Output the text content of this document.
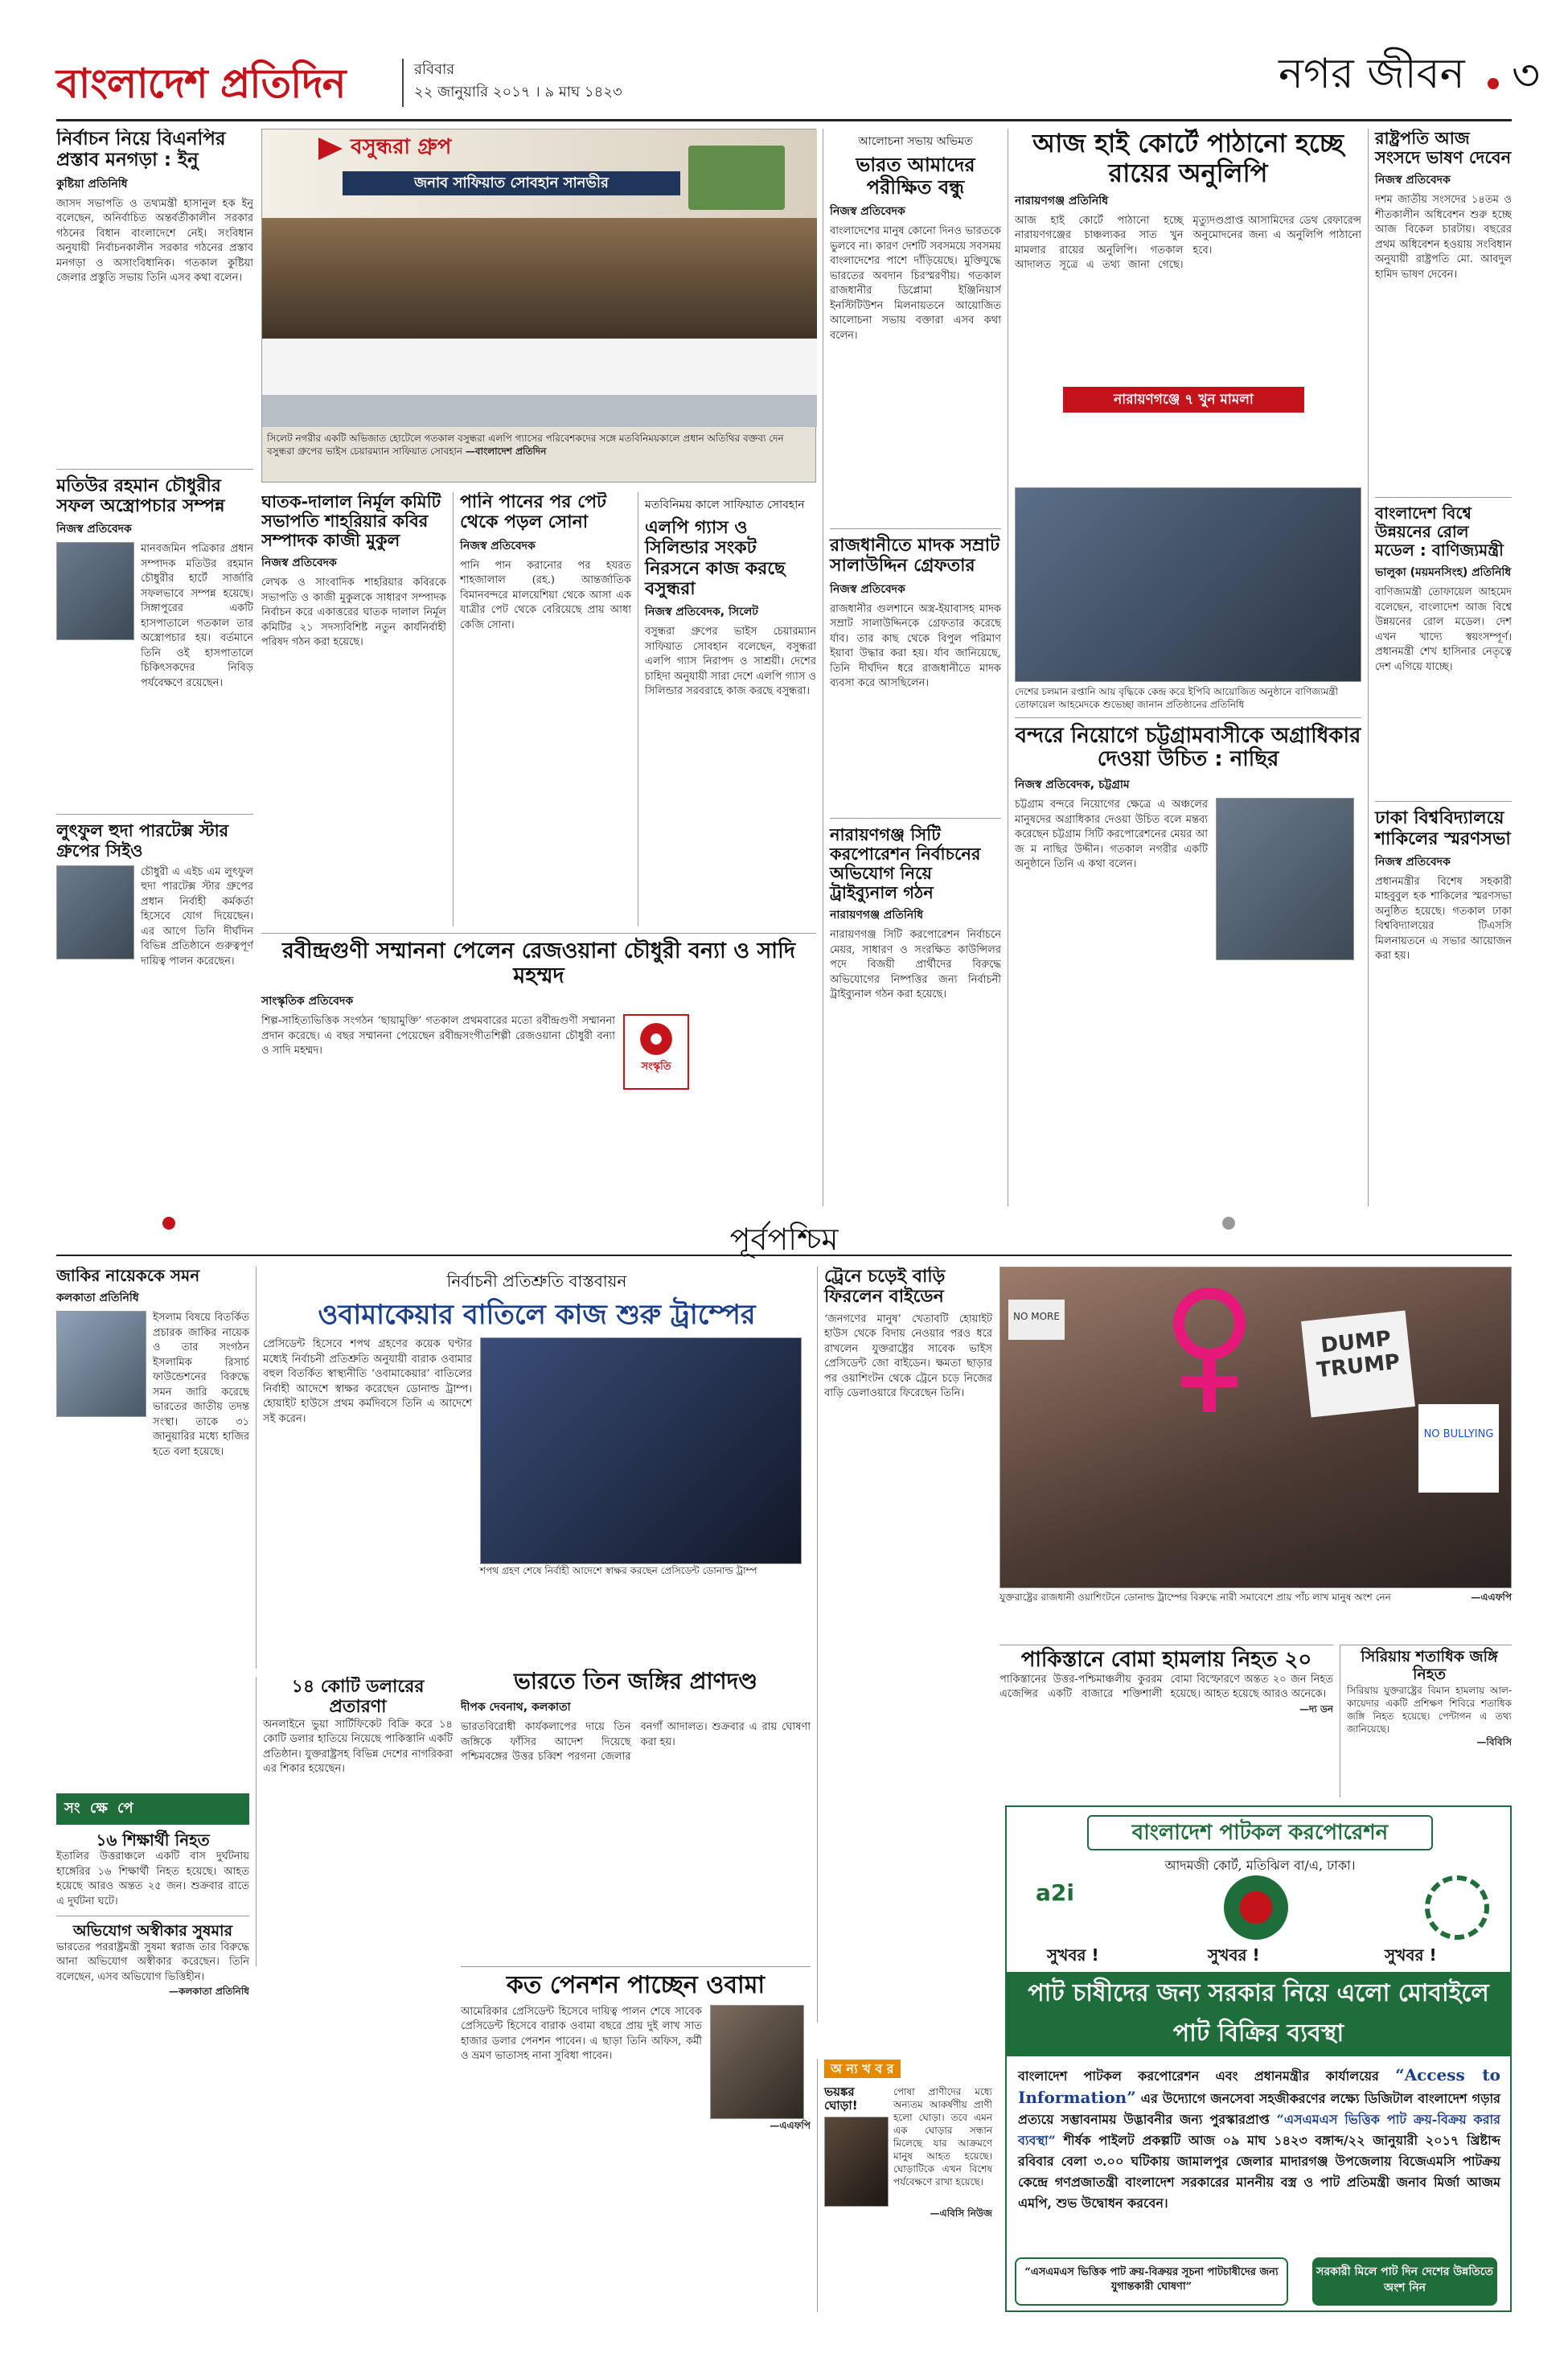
বাংলাদেশ প্রতিদিন	রবিবার
২২ জানুয়ারি ২০১৭ । ৯ মাঘ ১৪২৩	নগর জীবন ৩
নির্বাচন নিয়ে বিএনপির প্রস্তাব মনগড়া : ইনু
কুষ্টিয়া প্রতিনিধি
জাসদ সভাপতি ও তথ্যমন্ত্রী হাসানুল হক ইনু বলেছেন, অনির্বাচিত অন্তর্বর্তীকালীন সরকার গঠনের বিধান বাংলাদেশে নেই। সংবিধান অনুযায়ী নির্বাচনকালীন সরকার গঠনের প্রস্তাব মনগড়া ও অসাংবিধানিক। গতকাল কুষ্টিয়া জেলার প্রস্তুতি সভায় তিনি এসব কথা বলেন।
মতিউর রহমান চৌধুরীর সফল অস্ত্রোপচার সম্পন্ন
নিজস্ব প্রতিবেদক
মানবজমিন পত্রিকার প্রধান সম্পাদক মতিউর রহমান চৌধুরীর হার্টে সার্জারি সফলভাবে সম্পন্ন হয়েছে। সিঙ্গাপুরের একটি হাসপাতালে গতকাল তার অস্ত্রোপচার হয়। বর্তমানে তিনি ওই হাসপাতালে চিকিৎসকদের নিবিড় পর্যবেক্ষণে রয়েছেন।
লুৎফুল হুদা পারটেক্স স্টার গ্রুপের সিইও
চৌধুরী এ এইচ এম লুৎফুল হুদা পারটেক্স স্টার গ্রুপের প্রধান নির্বাহী কর্মকর্তা হিসেবে যোগ দিয়েছেন। এর আগে তিনি দীর্ঘদিন বিভিন্ন প্রতিষ্ঠানে গুরুত্বপূর্ণ দায়িত্ব পালন করেছেন।
বসুন্ধরা গ্রুপ
জনাব সাফিয়াত সোবহান সানভীর
সিলেট নগরীর একটি অভিজাত হোটেলে গতকাল বসুন্ধরা এলপি গ্যাসের পরিবেশকদের সঙ্গে মতবিনিময়কালে প্রধান অতিথির বক্তব্য দেন বসুন্ধরা গ্রুপের ভাইস চেয়ারম্যান সাফিয়াত সোবহান —বাংলাদেশ প্রতিদিন
ঘাতক-দালাল নির্মূল কমিটি সভাপতি শাহরিয়ার কবির সম্পাদক কাজী মুকুল
নিজস্ব প্রতিবেদক
লেখক ও সাংবাদিক শাহরিয়ার কবিরকে সভাপতি ও কাজী মুকুলকে সাধারণ সম্পাদক নির্বাচন করে একাত্তরের ঘাতক দালাল নির্মূল কমিটির ২১ সদস্যবিশিষ্ট নতুন কার্যনির্বাহী পরিষদ গঠন করা হয়েছে।
পানি পানের পর পেট থেকে পড়ল সোনা
নিজস্ব প্রতিবেদক
পানি পান করানোর পর হযরত শাহজালাল (রহ.) আন্তর্জাতিক বিমানবন্দরে মালয়েশিয়া থেকে আসা এক যাত্রীর পেট থেকে বেরিয়েছে প্রায় আধা কেজি সোনা।
মতবিনিময় কালে সাফিয়াত সোবহান
এলপি গ্যাস ও সিলিন্ডার সংকট নিরসনে কাজ করছে বসুন্ধরা
নিজস্ব প্রতিবেদক, সিলেট
বসুন্ধরা গ্রুপের ভাইস চেয়ারম্যান সাফিয়াত সোবহান বলেছেন, বসুন্ধরা এলপি গ্যাস নিরাপদ ও সাশ্রয়ী। দেশের চাহিদা অনুযায়ী সারা দেশে এলপি গ্যাস ও সিলিন্ডার সরবরাহে কাজ করছে বসুন্ধরা।
রবীন্দ্রগুণী সম্মাননা পেলেন রেজওয়ানা চৌধুরী বন্যা ও সাদি মহম্মদ
সাংস্কৃতিক প্রতিবেদক
শিল্প-সাহিত্যভিত্তিক সংগঠন ‘ছায়ামুক্তি’ গতকাল প্রথমবারের মতো রবীন্দ্রগুণী সম্মাননা প্রদান করেছে। এ বছর সম্মাননা পেয়েছেন রবীন্দ্রসংগীতশিল্পী রেজওয়ানা চৌধুরী বন্যা ও সাদি মহম্মদ।
সংস্কৃতি
আলোচনা সভায় অভিমত
ভারত আমাদের পরীক্ষিত বন্ধু
নিজস্ব প্রতিবেদক
বাংলাদেশের মানুষ কোনো দিনও ভারতকে ভুলবে না। কারণ দেশটি সবসময়ে সবসময় বাংলাদেশের পাশে দাঁড়িয়েছে। মুক্তিযুদ্ধে ভারতের অবদান চিরস্মরণীয়। গতকাল রাজধানীর ডিপ্লোমা ইঞ্জিনিয়ার্স ইনস্টিটিউশন মিলনায়তনে আয়োজিত আলোচনা সভায় বক্তারা এসব কথা বলেন।
রাজধানীতে মাদক সম্রাট সালাউদ্দিন গ্রেফতার
নিজস্ব প্রতিবেদক
রাজধানীর গুলশানে অস্ত্র-ইয়াবাসহ মাদক সম্রাট সালাউদ্দিনকে গ্রেফতার করেছে র্যাব। তার কাছ থেকে বিপুল পরিমাণ ইয়াবা উদ্ধার করা হয়। র্যাব জানিয়েছে, তিনি দীর্ঘদিন ধরে রাজধানীতে মাদক ব্যবসা করে আসছিলেন।
নারায়ণগঞ্জ সিটি করপোরেশন নির্বাচনের অভিযোগ নিয়ে ট্রাইব্যুনাল গঠন
নারায়ণগঞ্জ প্রতিনিধি
নারায়ণগঞ্জ সিটি করপোরেশন নির্বাচনে মেয়র, সাধারণ ও সংরক্ষিত কাউন্সিলর পদে বিজয়ী প্রার্থীদের বিরুদ্ধে অভিযোগের নিষ্পত্তির জন্য নির্বাচনী ট্রাইব্যুনাল গঠন করা হয়েছে।
আজ হাই কোর্টে পাঠানো হচ্ছে রায়ের অনুলিপি
নারায়ণগঞ্জ প্রতিনিধি
আজ হাই কোর্টে পাঠানো হচ্ছে নারায়ণগঞ্জের চাঞ্চল্যকর সাত খুন মামলার রায়ের অনুলিপি। গতকাল আদালত সূত্রে এ তথ্য জানা গেছে। মৃত্যুদণ্ডপ্রাপ্ত আসামিদের ডেথ রেফারেন্স অনুমোদনের জন্য এ অনুলিপি পাঠানো হবে।
নারায়ণগঞ্জে ৭ খুন মামলা
দেশের চলমান রপ্তানি আয় বৃদ্ধিকে কেন্দ্র করে ইপিবি আয়োজিত অনুষ্ঠানে বাণিজ্যমন্ত্রী তোফায়েল আহমেদকে শুভেচ্ছা জানান প্রতিষ্ঠানের প্রতিনিধি
বন্দরে নিয়োগে চট্টগ্রামবাসীকে অগ্রাধিকার দেওয়া উচিত : নাছির
নিজস্ব প্রতিবেদক, চট্টগ্রাম
চট্টগ্রাম বন্দরে নিয়োগের ক্ষেত্রে এ অঞ্চলের মানুষদের অগ্রাধিকার দেওয়া উচিত বলে মন্তব্য করেছেন চট্টগ্রাম সিটি করপোরেশনের মেয়র আ জ ম নাছির উদ্দীন। গতকাল নগরীর একটি অনুষ্ঠানে তিনি এ কথা বলেন।
রাষ্ট্রপতি আজ সংসদে ভাষণ দেবেন
নিজস্ব প্রতিবেদক
দশম জাতীয় সংসদের ১৪তম ও শীতকালীন অধিবেশন শুরু হচ্ছে আজ বিকেল চারটায়। বছরের প্রথম অধিবেশন হওয়ায় সংবিধান অনুযায়ী রাষ্ট্রপতি মো. আবদুল হামিদ ভাষণ দেবেন।
বাংলাদেশ বিশ্বে উন্নয়নের রোল মডেল : বাণিজ্যমন্ত্রী
ভালুকা (ময়মনসিংহ) প্রতিনিধি
বাণিজ্যমন্ত্রী তোফায়েল আহমেদ বলেছেন, বাংলাদেশ আজ বিশ্বে উন্নয়নের রোল মডেল। দেশ এখন খাদ্যে স্বয়ংসম্পূর্ণ। প্রধানমন্ত্রী শেখ হাসিনার নেতৃত্বে দেশ এগিয়ে যাচ্ছে।
ঢাকা বিশ্ববিদ্যালয়ে শাকিলের স্মরণসভা
নিজস্ব প্রতিবেদক
প্রধানমন্ত্রীর বিশেষ সহকারী মাহবুবুল হক শাকিলের স্মরণসভা অনুষ্ঠিত হয়েছে। গতকাল ঢাকা বিশ্ববিদ্যালয়ের টিএসসি মিলনায়তনে এ সভার আয়োজন করা হয়।
পূর্বপশ্চিম
জাকির নায়েককে সমন
কলকাতা প্রতিনিধি
ইসলাম বিষয়ে বিতর্কিত প্রচারক জাকির নায়েক ও তার সংগঠন ইসলামিক রিসার্চ ফাউন্ডেশনের বিরুদ্ধে সমন জারি করেছে ভারতের জাতীয় তদন্ত সংস্থা। তাকে ৩১ জানুয়ারির মধ্যে হাজির হতে বলা হয়েছে।
সং ক্ষে পে
১৬ শিক্ষার্থী নিহত
ইতালির উত্তরাঞ্চলে একটি বাস দুর্ঘটনায় হাঙ্গেরির ১৬ শিক্ষার্থী নিহত হয়েছে। আহত হয়েছে আরও অন্তত ২৫ জন। শুক্রবার রাতে এ দুর্ঘটনা ঘটে।
অভিযোগ অস্বীকার সুষমার
ভারতের পররাষ্ট্রমন্ত্রী সুষমা স্বরাজ তার বিরুদ্ধে আনা অভিযোগ অস্বীকার করেছেন। তিনি বলেছেন, এসব অভিযোগ ভিত্তিহীন।
—কলকাতা প্রতিনিধি
নির্বাচনী প্রতিশ্রুতি বাস্তবায়ন
ওবামাকেয়ার বাতিলে কাজ শুরু ট্রাম্পের
প্রেসিডেন্ট হিসেবে শপথ গ্রহণের কয়েক ঘণ্টার মধ্যেই নির্বাচনী প্রতিশ্রুতি অনুযায়ী বারাক ওবামার বহুল বিতর্কিত স্বাস্থ্যনীতি ‘ওবামাকেয়ার’ বাতিলের নির্বাহী আদেশে স্বাক্ষর করেছেন ডোনাল্ড ট্রাম্প। হোয়াইট হাউসে প্রথম কর্মদিবসে তিনি এ আদেশে সই করেন।
শপথ গ্রহণ শেষে নির্বাহী আদেশে স্বাক্ষর করছেন প্রেসিডেন্ট ডোনাল্ড ট্রাম্প
১৪ কোটি ডলারের প্রতারণা
অনলাইনে ভুয়া সার্টিফিকেট বিক্রি করে ১৪ কোটি ডলার হাতিয়ে নিয়েছে পাকিস্তানি একটি প্রতিষ্ঠান। যুক্তরাষ্ট্রসহ বিভিন্ন দেশের নাগরিকরা এর শিকার হয়েছেন।
ভারতে তিন জঙ্গির প্রাণদণ্ড
দীপক দেবনাথ, কলকাতা
ভারতবিরোধী কার্যকলাপের দায়ে তিন জঙ্গিকে ফাঁসির আদেশ দিয়েছে পশ্চিমবঙ্গের উত্তর চব্বিশ পরগনা জেলার বনগাঁ আদালত। শুক্রবার এ রায় ঘোষণা করা হয়।
কত পেনশন পাচ্ছেন ওবামা
আমেরিকার প্রেসিডেন্ট হিসেবে দায়িত্ব পালন শেষে সাবেক প্রেসিডেন্ট হিসেবে বারাক ওবামা বছরে প্রায় দুই লাখ সাত হাজার ডলার পেনশন পাবেন। এ ছাড়া তিনি অফিস, কর্মী ও ভ্রমণ ভাতাসহ নানা সুবিধা পাবেন।
—এএফপি
ট্রেনে চড়েই বাড়ি ফিরলেন বাইডেন
‘জনগণের মানুষ’ খেতাবটি হোয়াইট হাউস থেকে বিদায় নেওয়ার পরও ধরে রাখলেন যুক্তরাষ্ট্রের সাবেক ভাইস প্রেসিডেন্ট জো বাইডেন। ক্ষমতা ছাড়ার পর ওয়াশিংটন থেকে ট্রেনে চড়ে নিজের বাড়ি ডেলাওয়ারে ফিরেছেন তিনি।
অ ন্য খ ব র
ভয়ঙ্কর ঘোড়া!
পোষা প্রাণীদের মধ্যে অন্যতম আকর্ষণীয় প্রাণী হলো ঘোড়া। তবে এমন এক ঘোড়ার সন্ধান মিলেছে যার আক্রমণে মানুষ আহত হয়েছে। ঘোড়াটিকে এখন বিশেষ পর্যবেক্ষণে রাখা হয়েছে।
—এবিসি নিউজ
DUMP TRUMP
NO BULLYING
NO MORE
যুক্তরাষ্ট্রের রাজধানী ওয়াশিংটনে ডোনাল্ড ট্রাম্পের বিরুদ্ধে নারী সমাবেশে প্রায় পাঁচ লাখ মানুষ অংশ নেন	—এএফপি
পাকিস্তানে বোমা হামলায় নিহত ২০
পাকিস্তানের উত্তর-পশ্চিমাঞ্চলীয় কুররম এজেন্সির একটি বাজারে শক্তিশালী বোমা বিস্ফোরণে অন্তত ২০ জন নিহত হয়েছে। আহত হয়েছে আরও অনেকে।
—দ্য ডন
সিরিয়ায় শতাধিক জঙ্গি নিহত
সিরিয়ায় যুক্তরাষ্ট্রের বিমান হামলায় আল-কায়েদার একটি প্রশিক্ষণ শিবিরে শতাধিক জঙ্গি নিহত হয়েছে। পেন্টাগন এ তথ্য জানিয়েছে।
—বিবিসি
বাংলাদেশ পাটকল করপোরেশন
আদমজী কোর্ট, মতিঝিল বা/এ, ঢাকা।
a2i
সুখবর !	সুখবর !	সুখবর !
পাট চাষীদের জন্য সরকার নিয়ে এলো মোবাইলে পাট বিক্রির ব্যবস্থা
বাংলাদেশ পাটকল করপোরেশন এবং প্রধানমন্ত্রীর কার্যালয়ের “Access to Information” এর উদ্যোগে জনসেবা সহজীকরণের লক্ষ্যে ডিজিটাল বাংলাদেশ গড়ার প্রত্যয়ে সম্ভাবনাময় উদ্ভাবনীর জন্য পুরস্কারপ্রাপ্ত “এসএমএস ভিত্তিক পাট ক্রয়-বিক্রয় করার ব্যবস্থা” শীর্ষক পাইলট প্রকল্পটি আজ ০৯ মাঘ ১৪২৩ বঙ্গাব্দ/২২ জানুয়ারী ২০১৭ খ্রিষ্টাব্দ রবিবার বেলা ৩.০০ ঘটিকায় জামালপুর জেলার মাদারগঞ্জ উপজেলায় বিজেএমসি পাটক্রয় কেন্দ্রে গণপ্রজাতন্ত্রী বাংলাদেশ সরকারের মাননীয় বস্ত্র ও পাট প্রতিমন্ত্রী জনাব মির্জা আজম এমপি, শুভ উদ্বোধন করবেন।
“এসএমএস ভিত্তিক পাট ক্রয়-বিক্রয়র সূচনা পাটচাষীদের জন্য যুগান্তকারী ঘোষণা”
সরকারী মিলে পাট দিন দেশের উন্নতিতে অংশ নিন
